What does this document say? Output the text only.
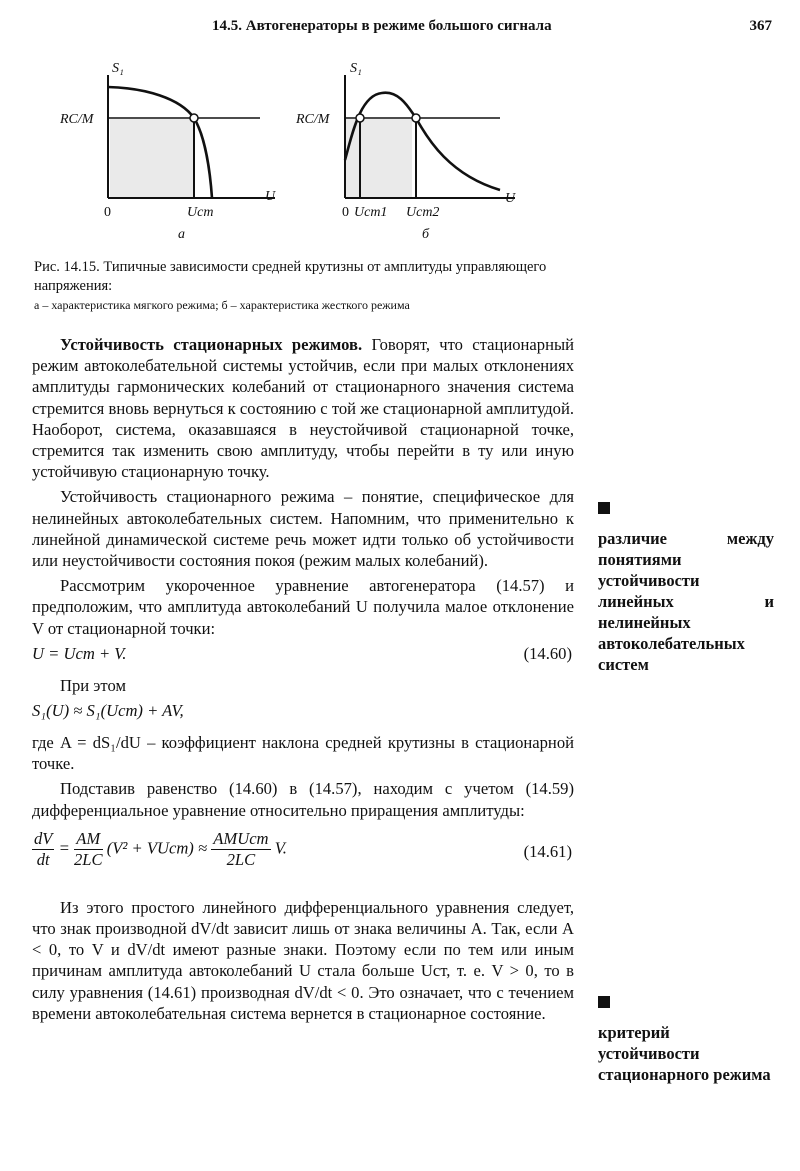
14.5. Автогенераторы в режиме большого сигнала	367
S₁
RC/M
U
0	Uст
а
S₁
RC/M
U
0 Uст1 Uст2
б
Рис. 14.15. Типичные зависимости средней крутизны от амплитуды управляющего напряжения:
а – характеристика мягкого режима; б – характеристика жесткого режима

Устойчивость стационарных режимов. Говорят, что стационарный режим автоколебательной системы устойчив, если при малых отклонениях амплитуды гармонических колебаний от стационарного значения система стремится вновь вернуться к состоянию с той же стационарной амплитудой. Наоборот, система, оказавшаяся в неустойчивой стационарной точке, стремится так изменить свою амплитуду, чтобы перейти в ту или иную устойчивую стационарную точку.

Устойчивость стационарного режима – понятие, специфическое для нелинейных автоколебательных систем. Напомним, что применительно к линейной динамической системе речь может идти только об устойчивости или неустойчивости состояния покоя (режим малых колебаний).

Рассмотрим укороченное уравнение автогенератора (14.57) и предположим, что амплитуда автоколебаний U получила малое отклонение V от стационарной точки:

U = Uст + V.	(14.60)

При этом

S₁(U) ≈ S₁(Uст) + AV,

где A = dS₁/dU – коэффициент наклона средней крутизны в стационарной точке.

Подставив равенство (14.60) в (14.57), находим с учетом (14.59) дифференциальное уравнение относительно приращения амплитуды:

$\frac{dV}{dt} = \frac{AM}{2LC} (V^2$ + VUст) ≈ $\frac{\text{AMUст}}{2LC} V$.	(14.61)

Из этого простого линейного дифференциального уравнения следует, что знак производной dV/dt зависит лишь от знака величины A. Так, если A < 0, то V и dV/dt имеют разные знаки. Поэтому если по тем или иным причинам амплитуда автоколебаний U стала больше Uст, т. е. V > 0, то в силу уравнения (14.61) производная dV/dt < 0. Это означает, что с течением времени автоколебательная система вернется в стационарное состояние.

различие между понятиями устойчивости линейных и нелинейных автоколебательных систем

критерий устойчивости стационарного режима
